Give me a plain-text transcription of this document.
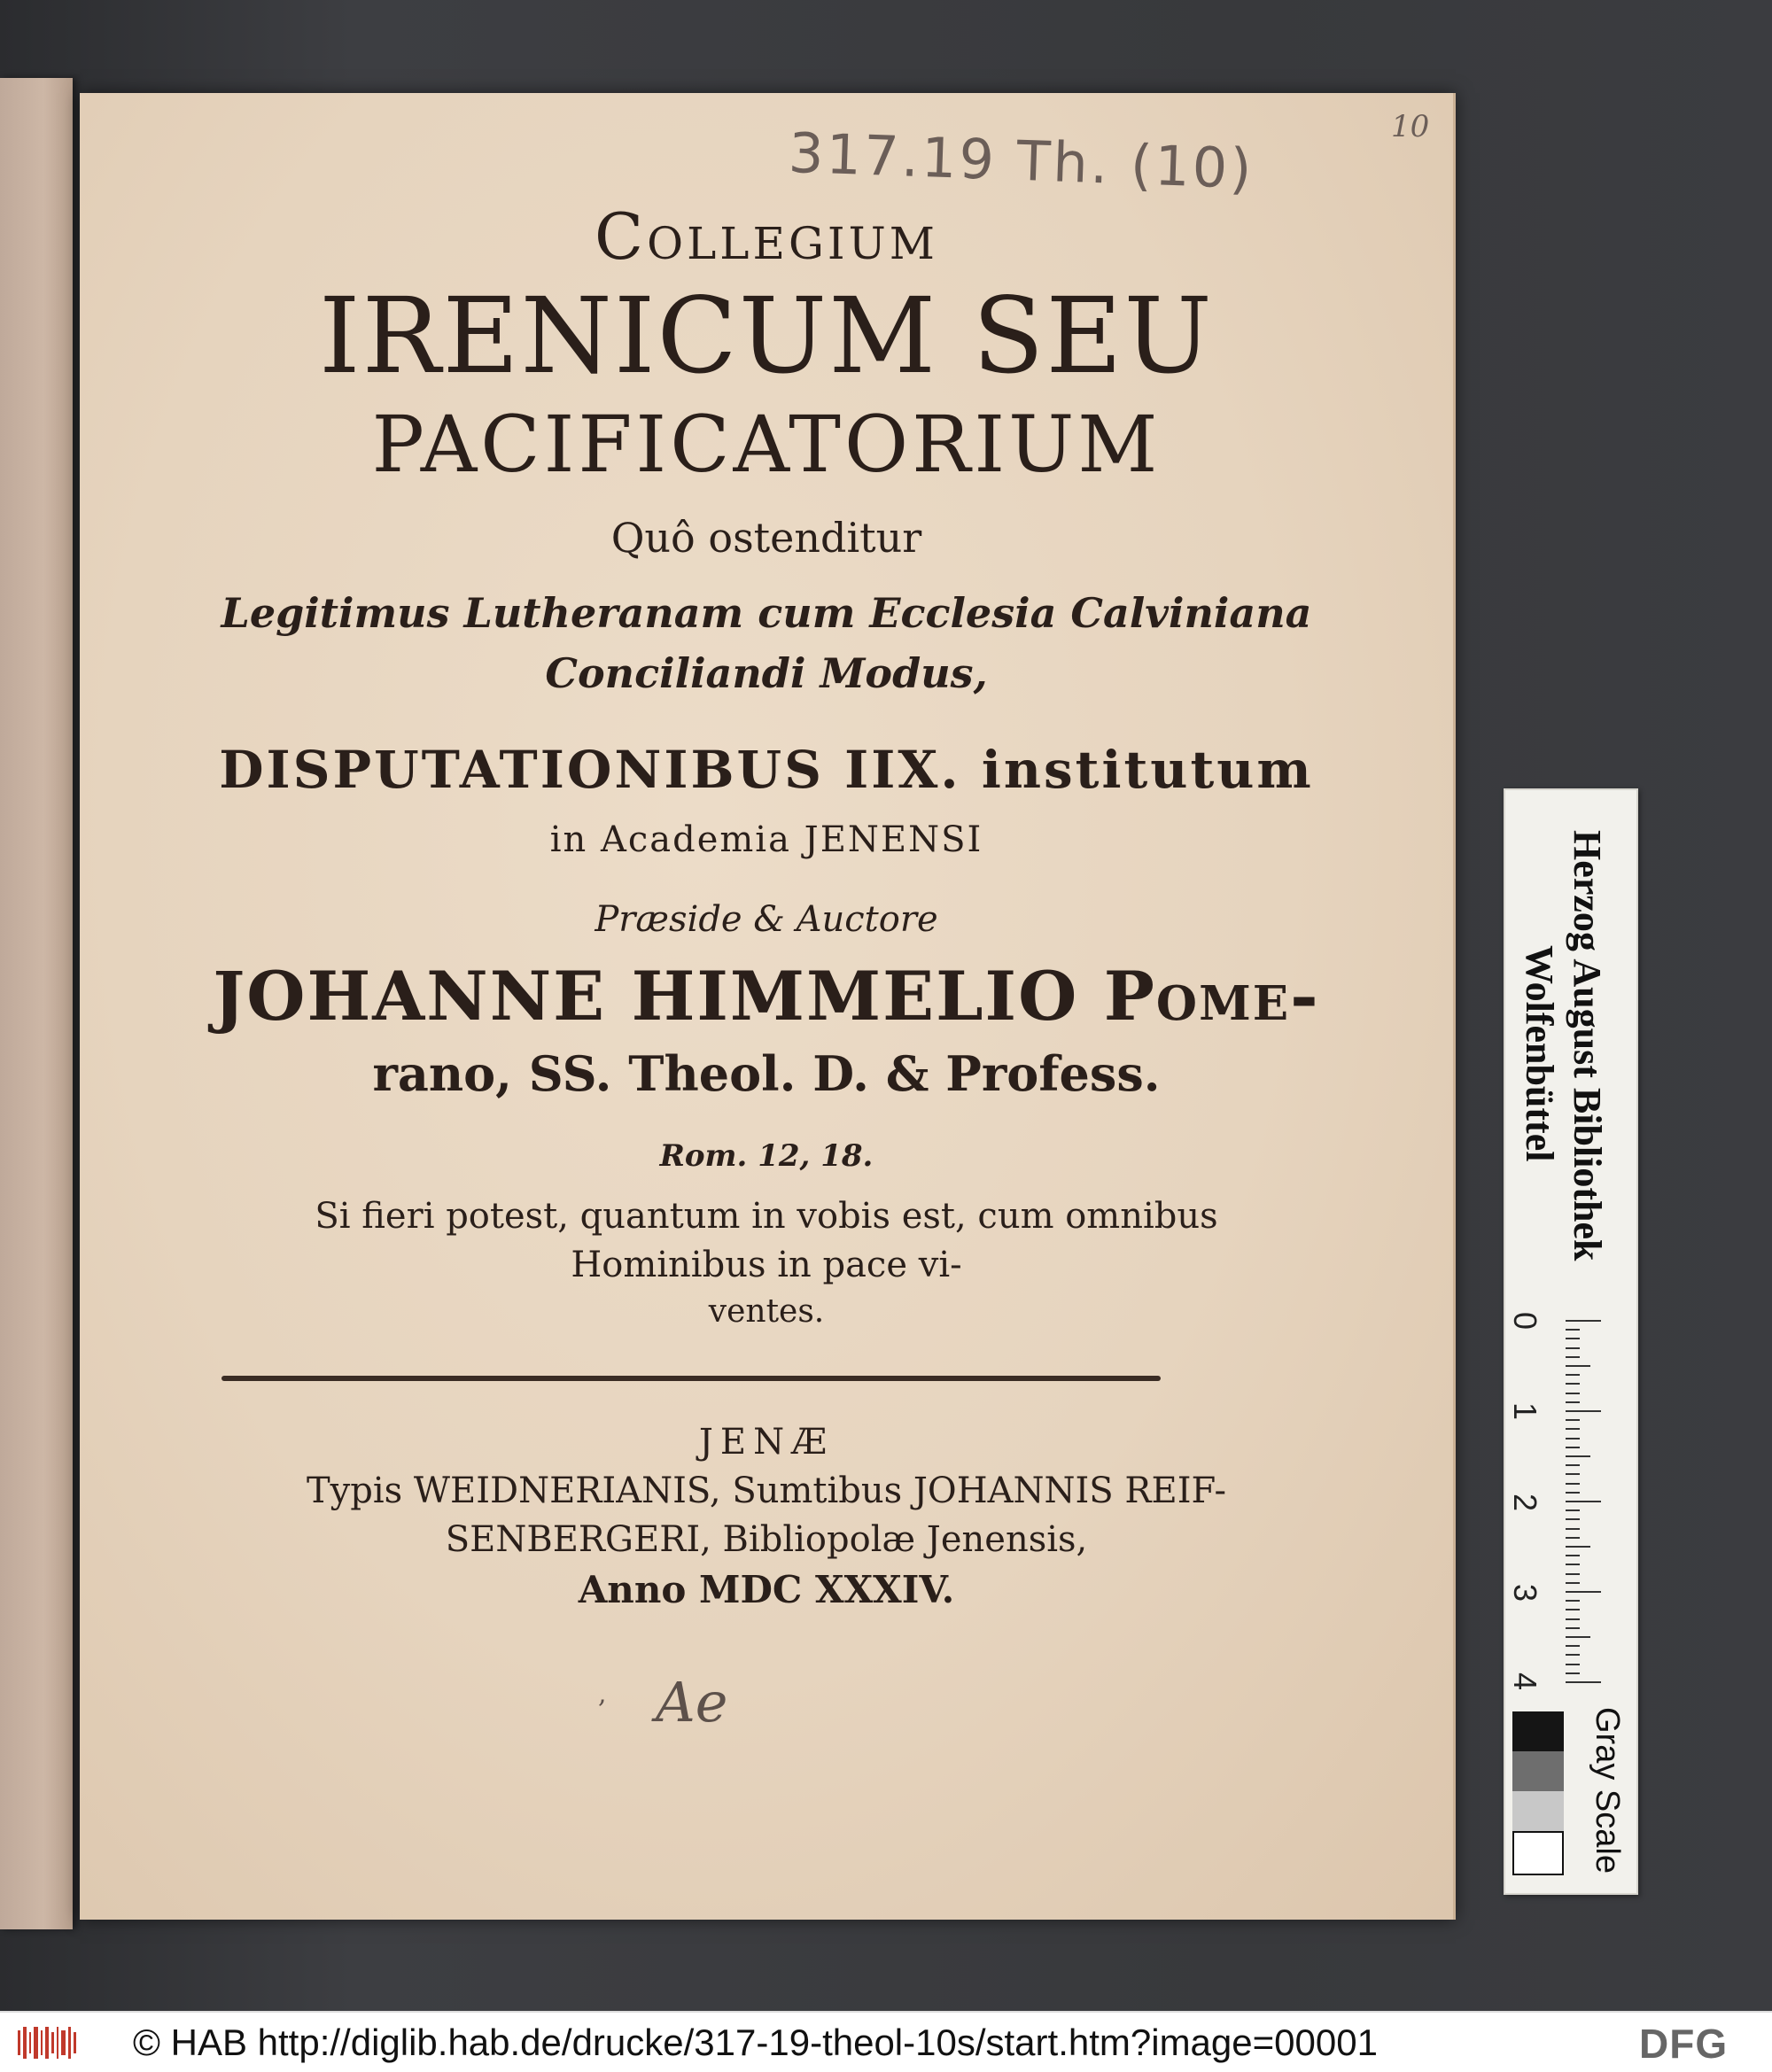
317.19 Th. (10)	10
Collegium
IRENICUM SEU
PACIFICATORIUM
Quô ostenditur
Legitimus Lutheranam cum Ecclesia Calviniana
Conciliandi Modus,
DISPUTATIONIBUS IIX. institutum
in Academia JENENSI
Præside & Auctore
JOHANNE HIMMELIO Pome-
rano, SS. Theol. D. & Profess.
Rom. 12, 18.
Si fieri potest, quantum in vobis est, cum omnibus
Hominibus in pace vi-
ventes.
JENÆ
Typis WEIDNERIANIS, Sumtibus JOHANNIS REIF-
SENBERGERI, Bibliopolæ Jenensis,
Anno MDC XXXIV.
, Ae
Herzog August Bibliothek
Wolfenbüttel
0
1
2
3
4
Gray Scale
© HAB http://diglib.hab.de/drucke/317-19-theol-10s/start.htm?image=00001	DFG
